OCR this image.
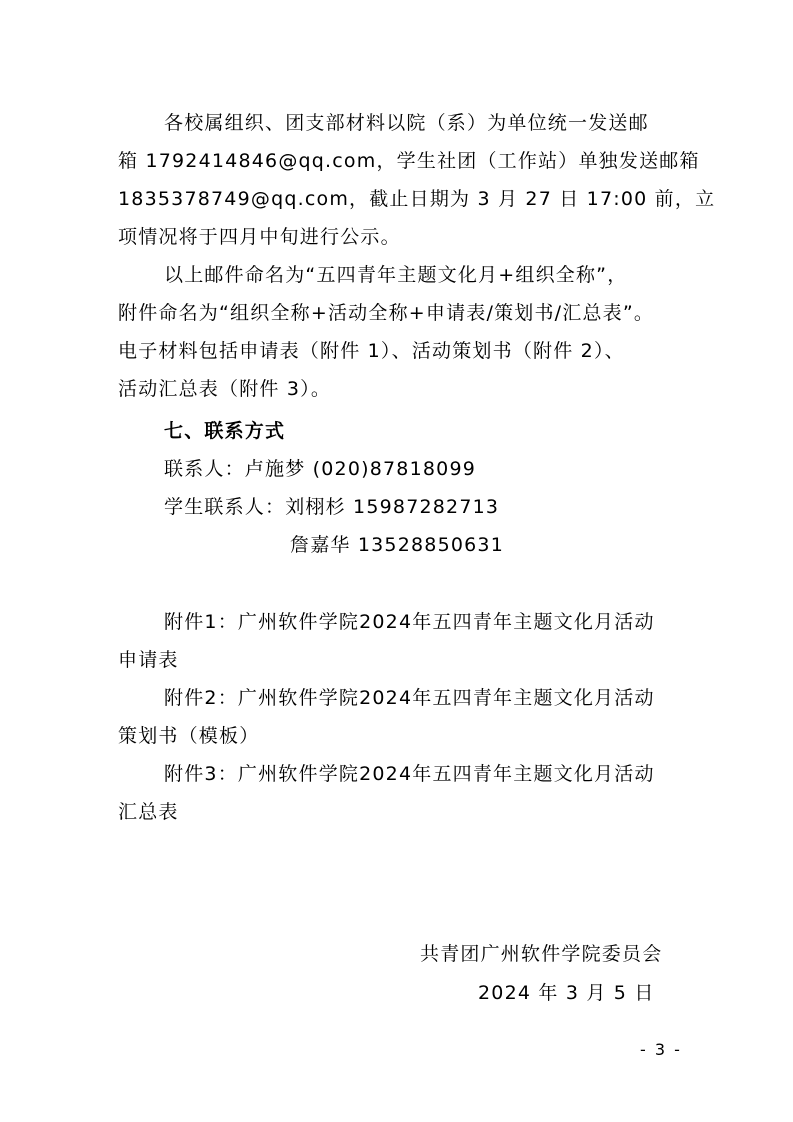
各校属组织、团支部材料以院（系）为单位统一发送邮
箱 1792414846@qq.com，学生社团（工作站）单独发送邮箱
1835378749@qq.com，截止日期为 3 月 27 日 17:00 前，立
项情况将于四月中旬进行公示。
以上邮件命名为“五四青年主题文化月+组织全称”，
附件命名为“组织全称+活动全称+申请表/策划书/汇总表”。
电子材料包括申请表（附件 1）、活动策划书（附件 2）、
活动汇总表（附件 3）。
七、联系方式
联系人：卢施梦 (020)87818099
学生联系人：刘栩杉 15987282713
詹嘉华 13528850631
附件1：广州软件学院2024年五四青年主题文化月活动
申请表
附件2：广州软件学院2024年五四青年主题文化月活动
策划书（模板）
附件3：广州软件学院2024年五四青年主题文化月活动
汇总表
共青团广州软件学院委员会
2024 年 3 月 5 日
- 3 -
